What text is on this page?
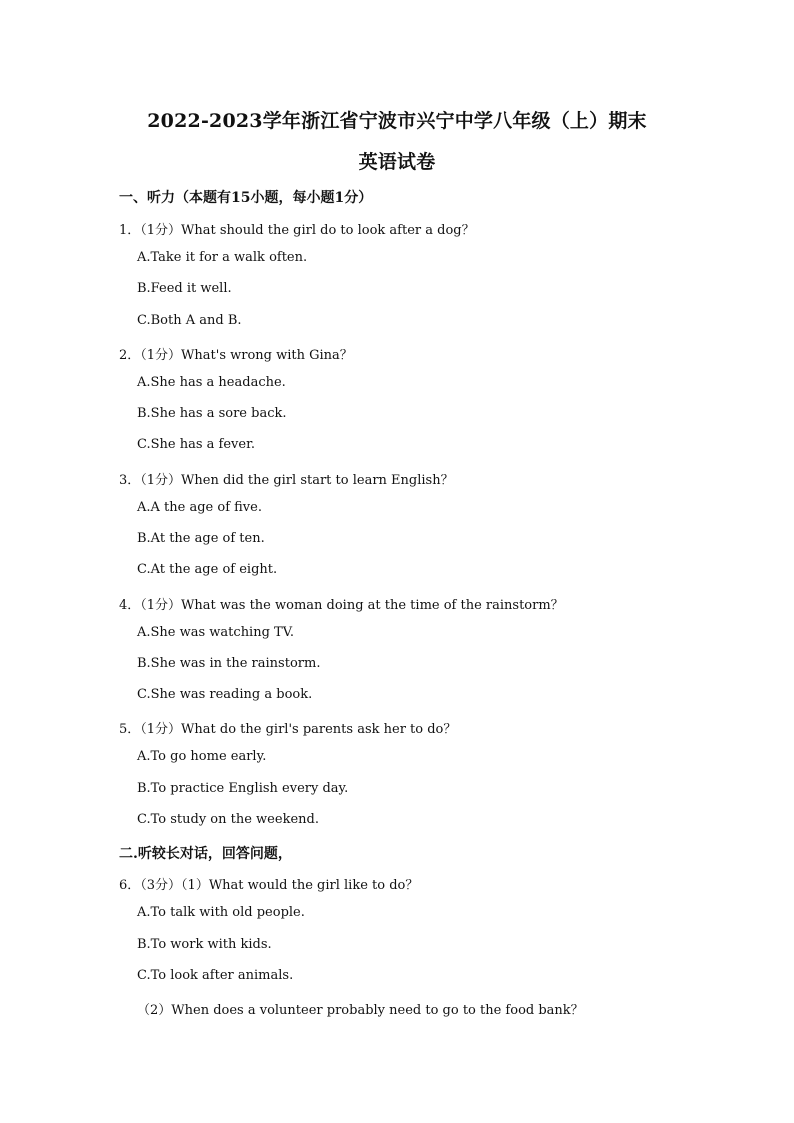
2022-2023学年浙江省宁波市兴宁中学八年级（上）期末
英语试卷
一、听力（本题有15小题，每小题1分）
1．（1分）What should the girl do to look after a dog？
A.Take it for a walk often.
B.Feed it well.
C.Both A and B.
2．（1分）What's wrong with Gina？
A.She has a headache.
B.She has a sore back.
C.She has a fever.
3．（1分）When did the girl start to learn English？
A.A the age of five.
B.At the age of ten.
C.At the age of eight.
4．（1分）What was the woman doing at the time of the rainstorm？
A.She was watching TV.
B.She was in the rainstorm.
C.She was reading a book.
5．（1分）What do the girl's parents ask her to do？
A.To go home early.
B.To practice English every day.
C.To study on the weekend.
二.听较长对话，回答问题，
6．（3分）（1）What would the girl like to do？
A.To talk with old people.
B.To work with kids.
C.To look after animals.
（2）When does a volunteer probably need to go to the food bank？
